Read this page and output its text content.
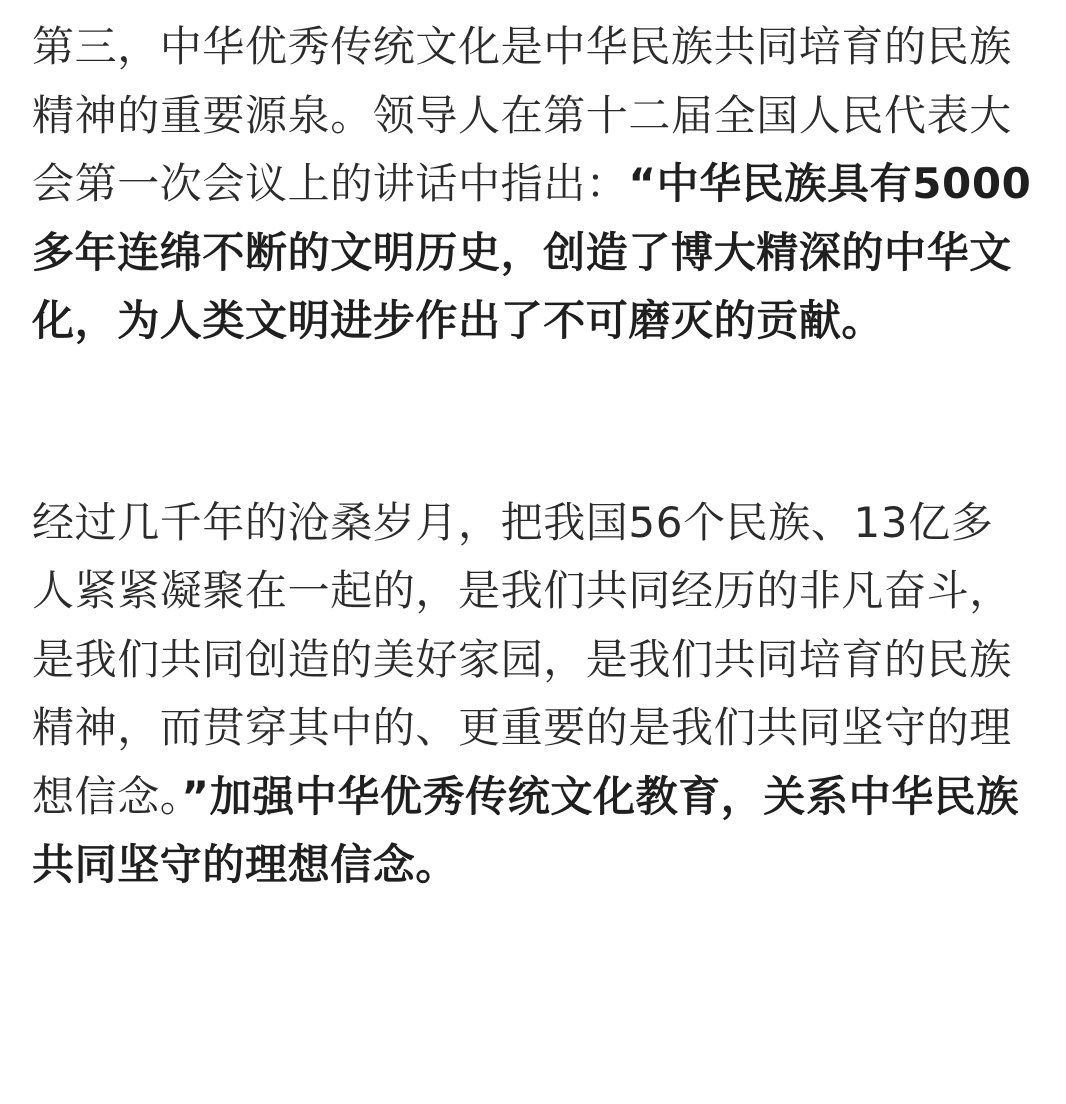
第三，中华优秀传统文化是中华民族共同培育的民族精神的重要源泉。领导人在第十二届全国人民代表大会第一次会议上的讲话中指出：“中华民族具有5000多年连绵不断的文明历史，创造了博大精深的中华文化，为人类文明进步作出了不可磨灭的贡献。

经过几千年的沧桑岁月，把我国56个民族、13亿多人紧紧凝聚在一起的，是我们共同经历的非凡奋斗，是我们共同创造的美好家园，是我们共同培育的民族精神，而贯穿其中的、更重要的是我们共同坚守的理想信念。”加强中华优秀传统文化教育，关系中华民族共同坚守的理想信念。
